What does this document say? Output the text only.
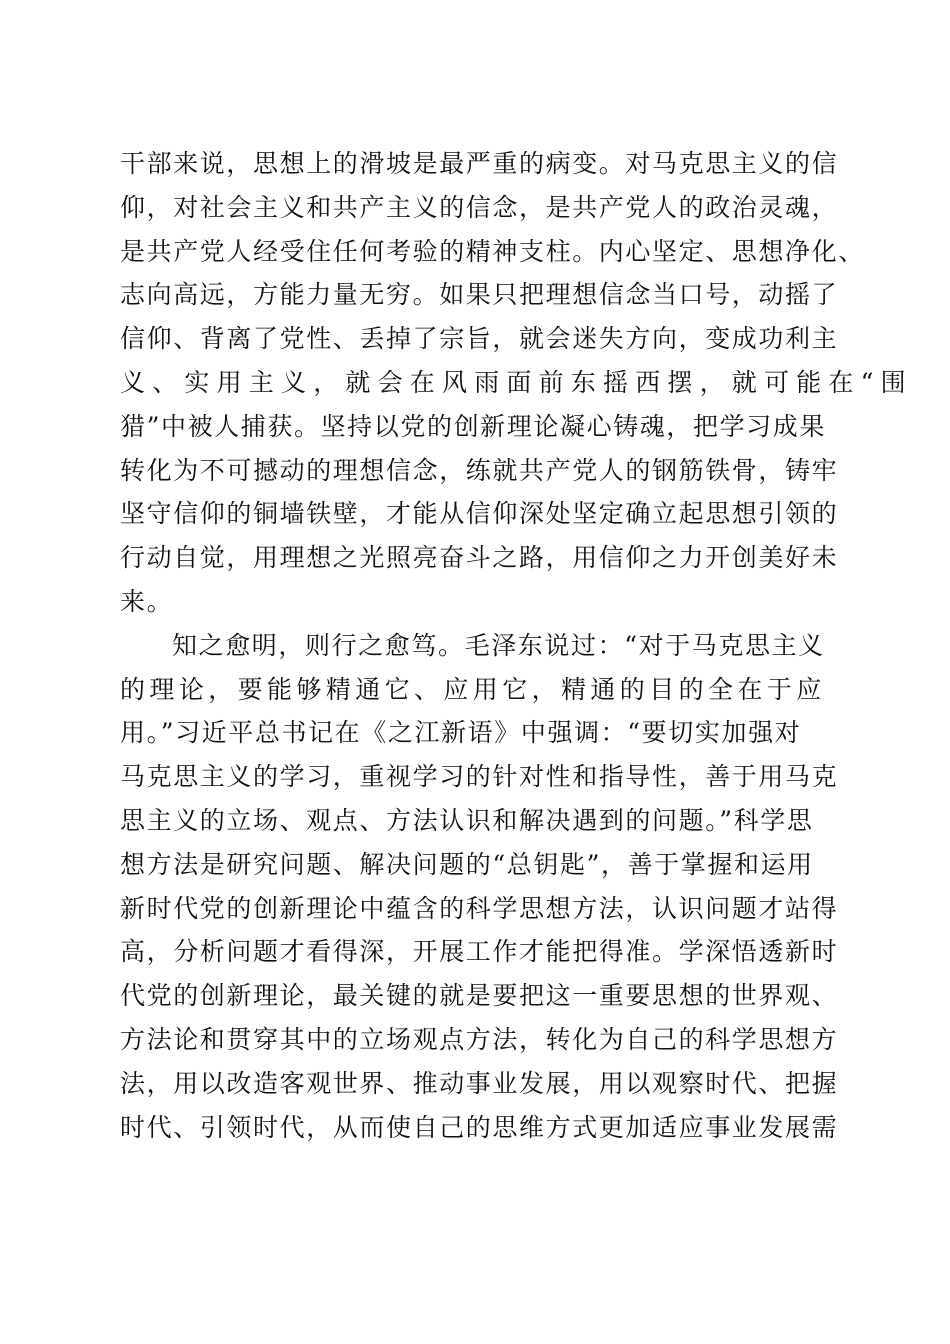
干部来说，思想上的滑坡是最严重的病变。对马克思主义的信
仰，对社会主义和共产主义的信念，是共产党人的政治灵魂，
是共产党人经受住任何考验的精神支柱。内心坚定、思想净化、
志向高远，方能力量无穷。如果只把理想信念当口号，动摇了
信仰、背离了党性、丢掉了宗旨，就会迷失方向，变成功利主
义、实用主义，就会在风雨面前东摇西摆，就可能在“围
猎”中被人捕获。坚持以党的创新理论凝心铸魂，把学习成果
转化为不可撼动的理想信念，练就共产党人的钢筋铁骨，铸牢
坚守信仰的铜墙铁壁，才能从信仰深处坚定确立起思想引领的
行动自觉，用理想之光照亮奋斗之路，用信仰之力开创美好未
来。
知之愈明，则行之愈笃。毛泽东说过：“对于马克思主义
的理论，要能够精通它、应用它，精通的目的全在于应
用。”习近平总书记在《之江新语》中强调：“要切实加强对
马克思主义的学习，重视学习的针对性和指导性，善于用马克
思主义的立场、观点、方法认识和解决遇到的问题。”科学思
想方法是研究问题、解决问题的“总钥匙”，善于掌握和运用
新时代党的创新理论中蕴含的科学思想方法，认识问题才站得
高，分析问题才看得深，开展工作才能把得准。学深悟透新时
代党的创新理论，最关键的就是要把这一重要思想的世界观、
方法论和贯穿其中的立场观点方法，转化为自己的科学思想方
法，用以改造客观世界、推动事业发展，用以观察时代、把握
时代、引领时代，从而使自己的思维方式更加适应事业发展需
